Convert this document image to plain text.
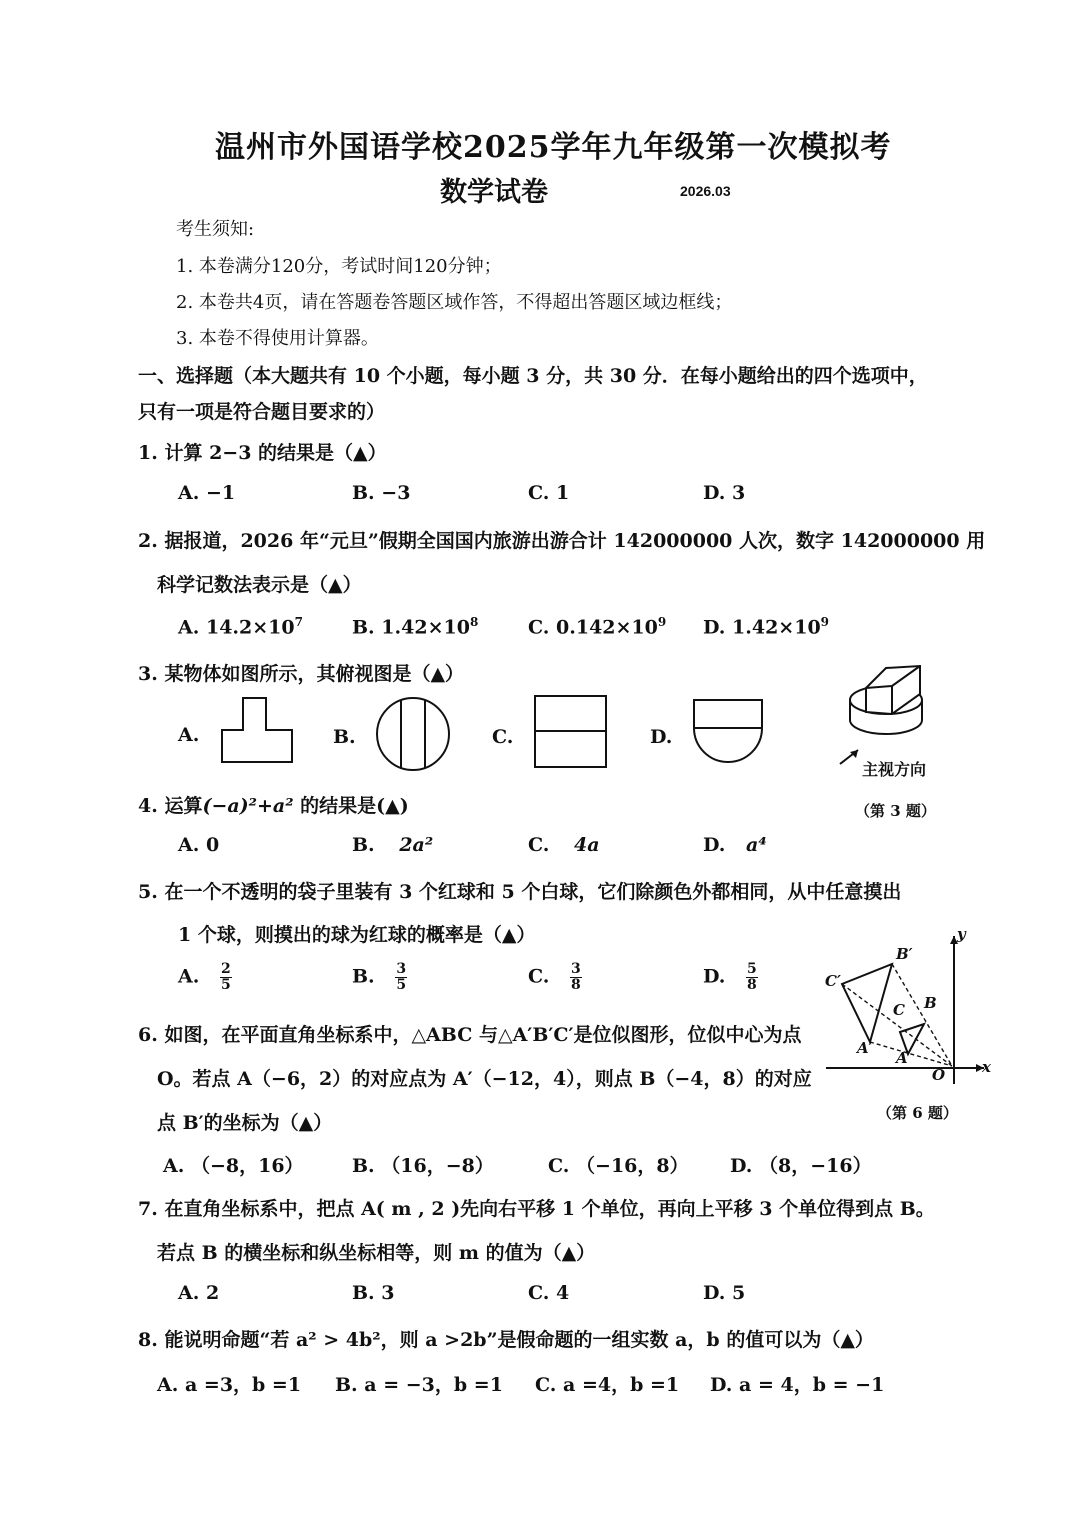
温州市外国语学校2025学年九年级第一次模拟考
数学试卷	2026.03
考生须知:
1. 本卷满分120分，考试时间120分钟；
2. 本卷共4页，请在答题卷答题区域作答，不得超出答题区域边框线；
3. 本卷不得使用计算器。
一、选择题（本大题共有 10 个小题，每小题 3 分，共 30 分．在每小题给出的四个选项中，
只有一项是符合题目要求的）
1. 计算 2−3 的结果是（▲）
A. −1	B. −3	C. 1	D. 3
2. 据报道，2026 年“元旦”假期全国国内旅游出游合计 142000000 人次，数字 142000000 用
科学记数法表示是（▲）
A. $14.2\times 10^7$	B. $1.42\times 10^8$	C. $0.142\times 10^9$ D. $1.42\times 10^9$
3. 某物体如图所示，其俯视图是（▲）
A.	B.	C.	D.
主视方向
（第 3 题）
4. 运算(−a)²+a² 的结果是(▲)
A. 0	B. 2a²	C. 4a	D. a⁴
5. 在一个不透明的袋子里装有 3 个红球和 5 个白球，它们除颜色外都相同，从中任意摸出
1 个球，则摸出的球为红球的概率是（▲）
A. $\frac{2}{5}$	B. $\frac{3}{5}$	C. $\frac{3}{8}$	D. $\frac{5}{8}$
6. 如图，在平面直角坐标系中，△ABC 与△A′B′C′是位似图形，位似中心为点
O。若点 A（−6，2）的对应点为 A′（−12，4），则点 B（−4，8）的对应
点 B′的坐标为（▲）
A. （−8，16）	B. （16，−8）	C. （−16，8） D. （8，−16）
y
x
O
B′
C′
A′
B
C
A
（第 6 题）
7. 在直角坐标系中，把点 A( m , 2 )先向右平移 1 个单位，再向上平移 3 个单位得到点 B。
若点 B 的横坐标和纵坐标相等，则 m 的值为（▲）
A. 2	B. 3	C. 4	D. 5
8. 能说明命题“若 a² > 4b²，则 a >2b”是假命题的一组实数 a，b 的值可以为（▲）
A. a =3，b =1 B. a = −3，b =1 C. a =4，b =1 D. a = 4，b = −1
